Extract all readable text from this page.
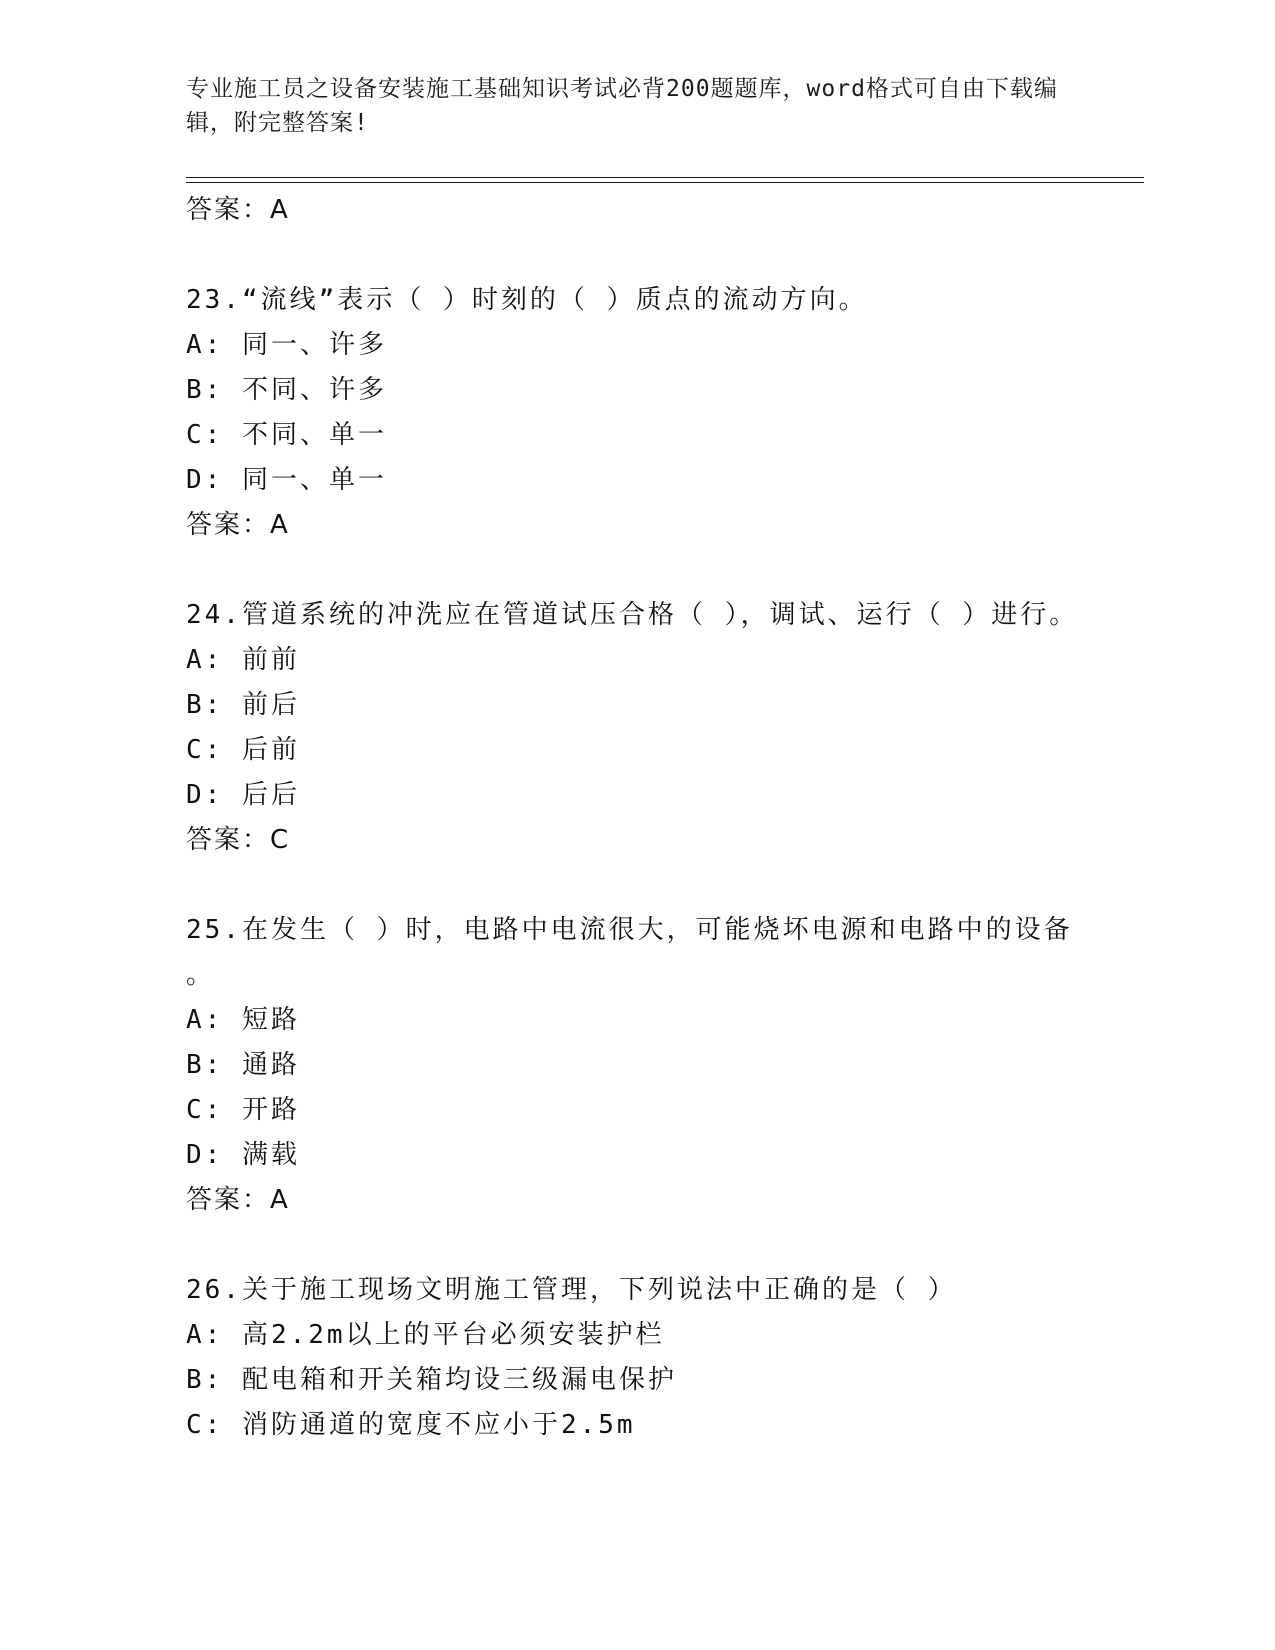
专业施工员之设备安装施工基础知识考试必背200题题库，word格式可自由下载编辑，附完整答案!
答案：A
23.“流线”表示（ ）时刻的（ ）质点的流动方向。
A: 同一、许多
B: 不同、许多
C: 不同、单一
D: 同一、单一
答案：A
24.管道系统的冲洗应在管道试压合格（ ），调试、运行（ ）进行。
A: 前前
B: 前后
C: 后前
D: 后后
答案：C
25.在发生（ ）时，电路中电流很大，可能烧坏电源和电路中的设备
。
A: 短路
B: 通路
C: 开路
D: 满载
答案：A
26.关于施工现场文明施工管理，下列说法中正确的是（ ）
A: 高2.2m以上的平台必须安装护栏
B: 配电箱和开关箱均设三级漏电保护
C: 消防通道的宽度不应小于2.5m
